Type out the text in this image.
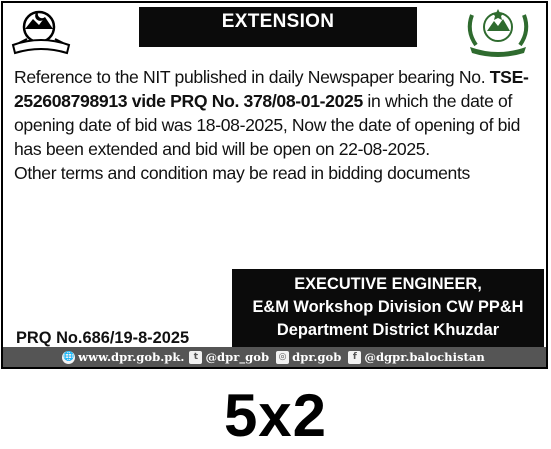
EXTENSION

Reference to the NIT published in daily Newspaper bearing No. TSE-252608798913 vide PRQ No. 378/08-01-2025 in which the date of opening date of bid was 18-08-2025, Now the date of opening of bid has been extended and bid will be open on 22-08-2025.

Other terms and condition may be read in bidding documents

EXECUTIVE ENGINEER,
E&M Workshop Division CW PP&H
Department District Khuzdar
PRQ No.686/19-8-2025
🌐 www.dpr.gob.pk.	t @dpr_gob ◎ dpr.gob	f @dgpr.balochistan
5x2
